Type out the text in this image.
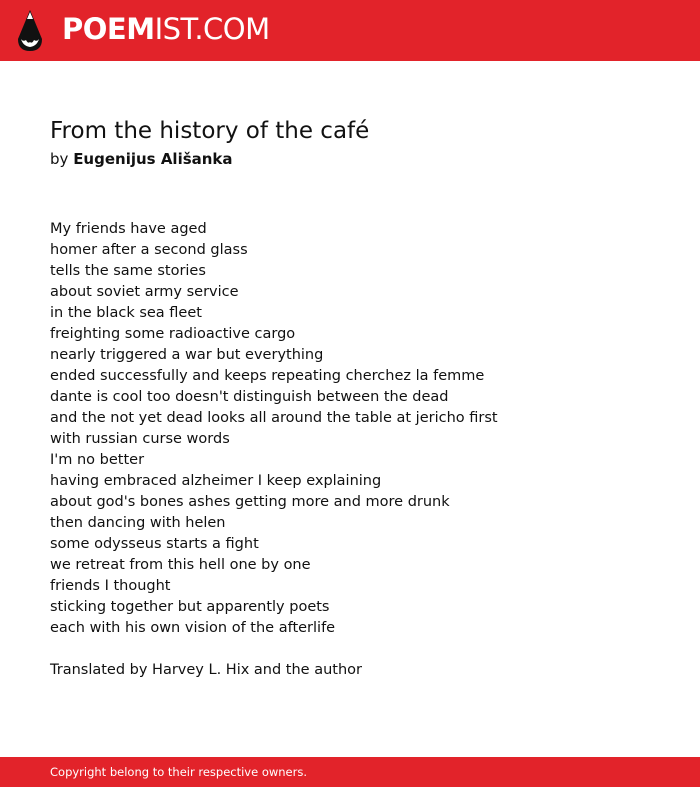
POEM IST.COM
From the history of the café
by Eugenijus Ališanka
My friends have aged
homer after a second glass
tells the same stories
about soviet army service
in the black sea fleet
freighting some radioactive cargo
nearly triggered a war but everything
ended successfully and keeps repeating cherchez la femme
dante is cool too doesn't distinguish between the dead
and the not yet dead looks all around the table at jericho first
with russian curse words
I'm no better
having embraced alzheimer I keep explaining
about god's bones ashes getting more and more drunk
then dancing with helen
some odysseus starts a fight
we retreat from this hell one by one
friends I thought
sticking together but apparently poets
each with his own vision of the afterlife
Translated by Harvey L. Hix and the author
Copyright belong to their respective owners.
